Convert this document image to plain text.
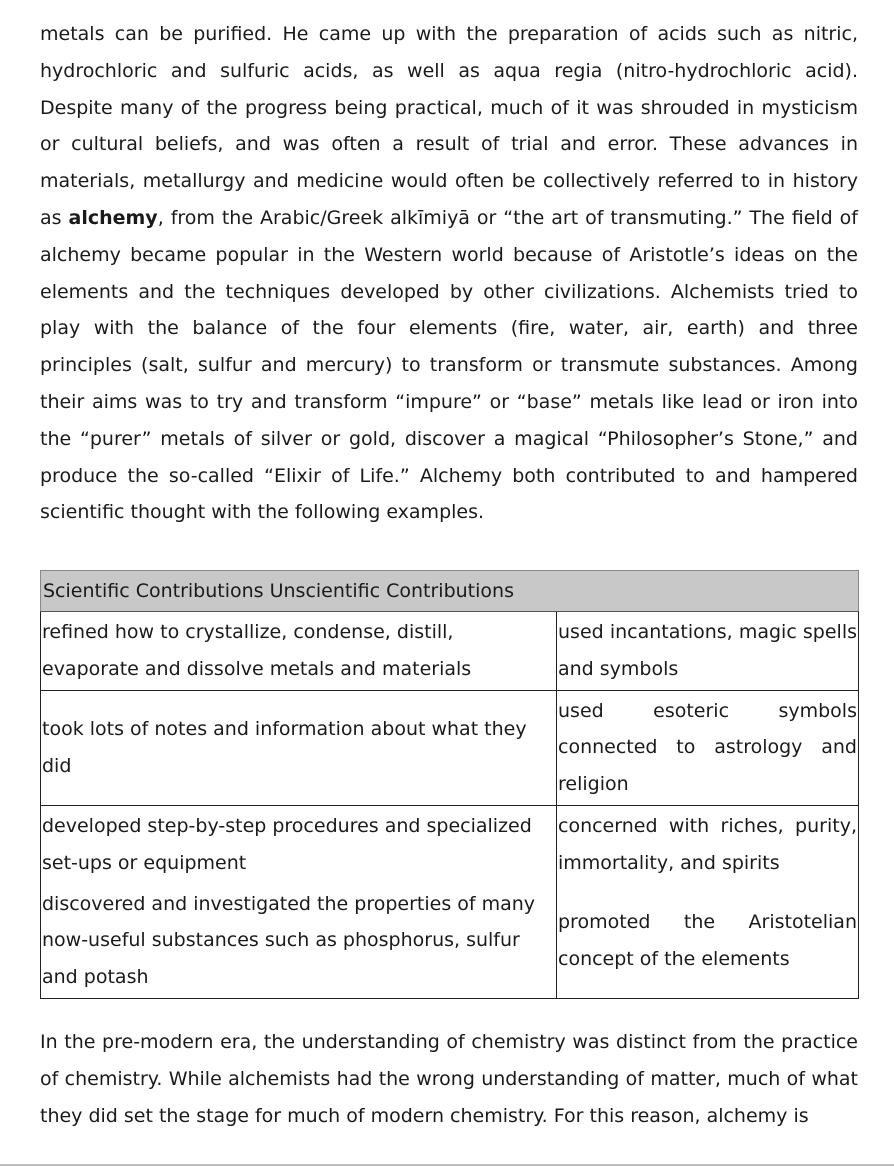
metals can be purified. He came up with the preparation of acids such as nitric, hydrochloric and sulfuric acids, as well as aqua regia (nitro-hydrochloric acid). Despite many of the progress being practical, much of it was shrouded in mysticism or cultural beliefs, and was often a result of trial and error. These advances in materials, metallurgy and medicine would often be collectively referred to in history as alchemy, from the Arabic/Greek alkīmiyā or “the art of transmuting.” The field of alchemy became popular in the Western world because of Aristotle’s ideas on the elements and the techniques developed by other civilizations. Alchemists tried to play with the balance of the four elements (fire, water, air, earth) and three principles (salt, sulfur and mercury) to transform or transmute substances. Among their aims was to try and transform “impure” or “base” metals like lead or iron into the “purer” metals of silver or gold, discover a magical “Philosopher’s Stone,” and produce the so-called “Elixir of Life.” Alchemy both contributed to and hampered scientific thought with the following examples.

Scientific Contributions Unscientific Contributions	
refined how to crystallize, condense, distill, evaporate and dissolve metals and materials	used incantations, magic spells and symbols
took lots of notes and information about what they did	used esoteric symbols connected to astrology and religion
developed step-by-step procedures and specialized set-ups or equipment	concerned with riches, purity, immortality, and spirits
discovered and investigated the properties of many now-useful substances such as phosphorus, sulfur and potash	promoted the Aristotelian concept of the elements

In the pre-modern era, the understanding of chemistry was distinct from the practice of chemistry. While alchemists had the wrong understanding of matter, much of what they did set the stage for much of modern chemistry. For this reason, alchemy is
